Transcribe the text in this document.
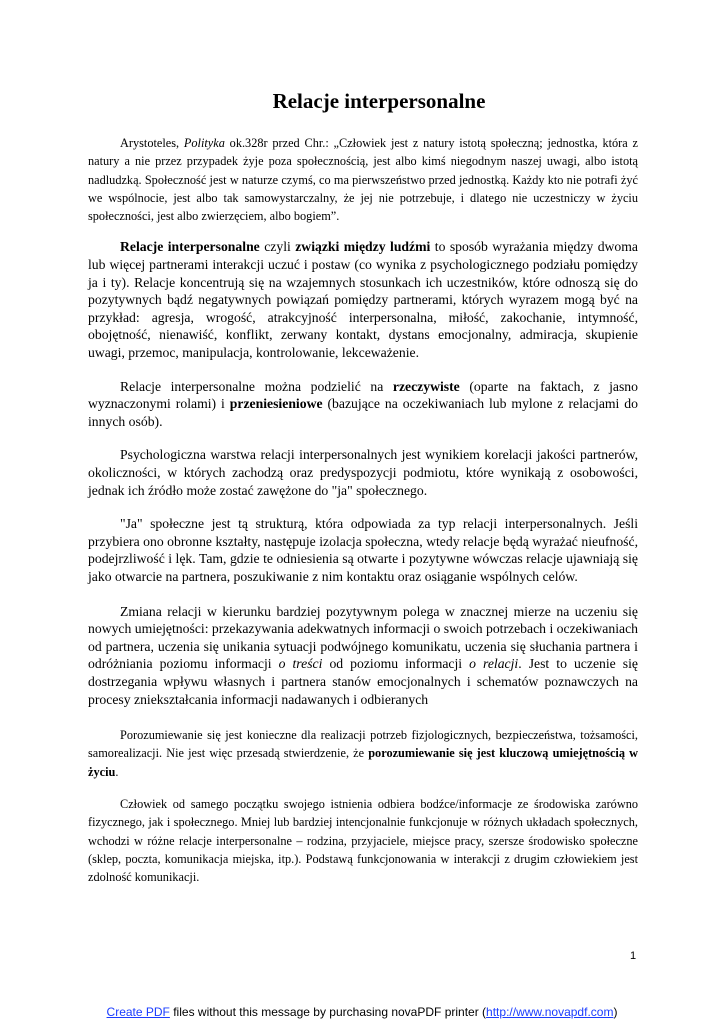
Relacje interpersonalne

Arystoteles, Polityka ok.328r przed Chr.: „Człowiek jest z natury istotą społeczną; jednostka, która z natury a nie przez przypadek żyje poza społecznością, jest albo kimś niegodnym naszej uwagi, albo istotą nadludzką. Społeczność jest w naturze czymś, co ma pierwszeństwo przed jednostką. Każdy kto nie potrafi żyć we wspólnocie, jest albo tak samowystarczalny, że jej nie potrzebuje, i dlatego nie uczestniczy w życiu społeczności, jest albo zwierzęciem, albo bogiem”.

Relacje interpersonalne czyli związki między ludźmi to sposób wyrażania między dwoma lub więcej partnerami interakcji uczuć i postaw (co wynika z psychologicznego podziału pomiędzy ja i ty). Relacje koncentrują się na wzajemnych stosunkach ich uczestników, które odnoszą się do pozytywnych bądź negatywnych powiązań pomiędzy partnerami, których wyrazem mogą być na przykład: agresja, wrogość, atrakcyjność interpersonalna, miłość, zakochanie, intymność, obojętność, nienawiść, konflikt, zerwany kontakt, dystans emocjonalny, admiracja, skupienie uwagi, przemoc, manipulacja, kontrolowanie, lekceważenie.

Relacje interpersonalne można podzielić na rzeczywiste (oparte na faktach, z jasno wyznaczonymi rolami) i przeniesieniowe (bazujące na oczekiwaniach lub mylone z relacjami do innych osób).

Psychologiczna warstwa relacji interpersonalnych jest wynikiem korelacji jakości partnerów, okoliczności, w których zachodzą oraz predyspozycji podmiotu, które wynikają z osobowości, jednak ich źródło może zostać zawężone do "ja" społecznego.

"Ja" społeczne jest tą strukturą, która odpowiada za typ relacji interpersonalnych. Jeśli przybiera ono obronne kształty, następuje izolacja społeczna, wtedy relacje będą wyrażać nieufność, podejrzliwość i lęk. Tam, gdzie te odniesienia są otwarte i pozytywne wówczas relacje ujawniają się jako otwarcie na partnera, poszukiwanie z nim kontaktu oraz osiąganie wspólnych celów.

Zmiana relacji w kierunku bardziej pozytywnym polega w znacznej mierze na uczeniu się nowych umiejętności: przekazywania adekwatnych informacji o swoich potrzebach i oczekiwaniach od partnera, uczenia się unikania sytuacji podwójnego komunikatu, uczenia się słuchania partnera i odróżniania poziomu informacji o treści od poziomu informacji o relacji. Jest to uczenie się dostrzegania wpływu własnych i partnera stanów emocjonalnych i schematów poznawczych na procesy zniekształcania informacji nadawanych i odbieranych

Porozumiewanie się jest konieczne dla realizacji potrzeb fizjologicznych, bezpieczeństwa, tożsamości, samorealizacji. Nie jest więc przesadą stwierdzenie, że porozumiewanie się jest kluczową umiejętnością w życiu.

Człowiek od samego początku swojego istnienia odbiera bodźce/informacje ze środowiska zarówno fizycznego, jak i społecznego. Mniej lub bardziej intencjonalnie funkcjonuje w różnych układach społecznych, wchodzi w różne relacje interpersonalne – rodzina, przyjaciele, miejsce pracy, szersze środowisko społeczne (sklep, poczta, komunikacja miejska, itp.). Podstawą funkcjonowania w interakcji z drugim człowiekiem jest zdolność komunikacji.

1
Create PDF files without this message by purchasing novaPDF printer (http://www.novapdf.com)
